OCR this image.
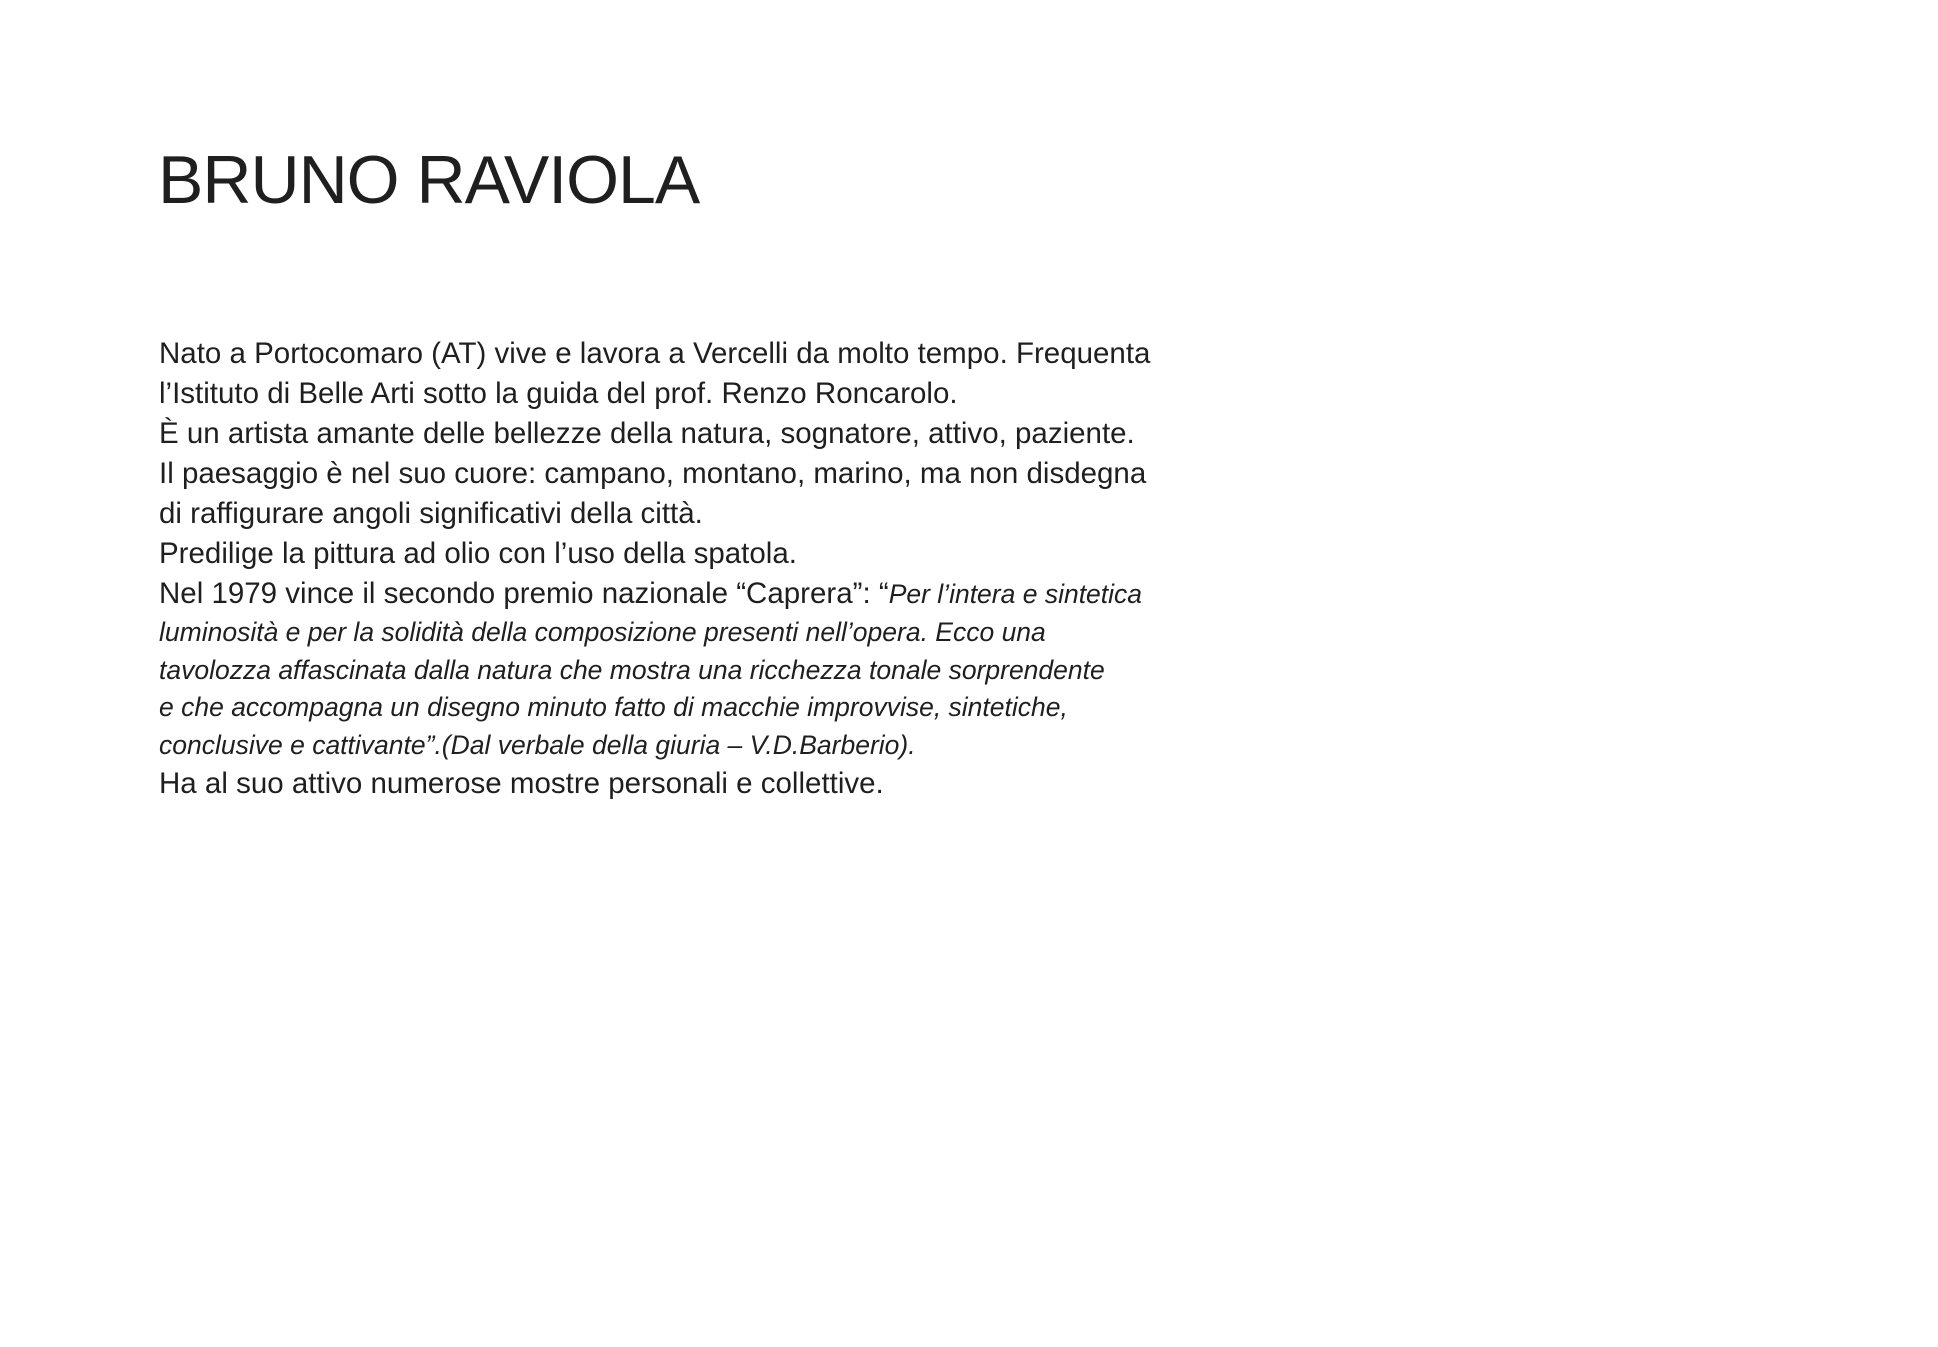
BRUNO RAVIOLA
Nato a Portocomaro (AT) vive e lavora a Vercelli da molto tempo. Frequenta
l’Istituto di Belle Arti sotto la guida del prof. Renzo Roncarolo.
È un artista amante delle bellezze della natura, sognatore, attivo, paziente.
Il paesaggio è nel suo cuore: campano, montano, marino, ma non disdegna
di raffigurare angoli significativi della città.
Predilige la pittura ad olio con l’uso della spatola.
Nel 1979 vince il secondo premio nazionale “Caprera”: “Per l’intera e sintetica
luminosità e per la solidità della composizione presenti nell’opera. Ecco una
tavolozza affascinata dalla natura che mostra una ricchezza tonale sorprendente
e che accompagna un disegno minuto fatto di macchie improvvise, sintetiche,
conclusive e cattivante”.(Dal verbale della giuria – V.D.Barberio).
Ha al suo attivo numerose mostre personali e collettive.
